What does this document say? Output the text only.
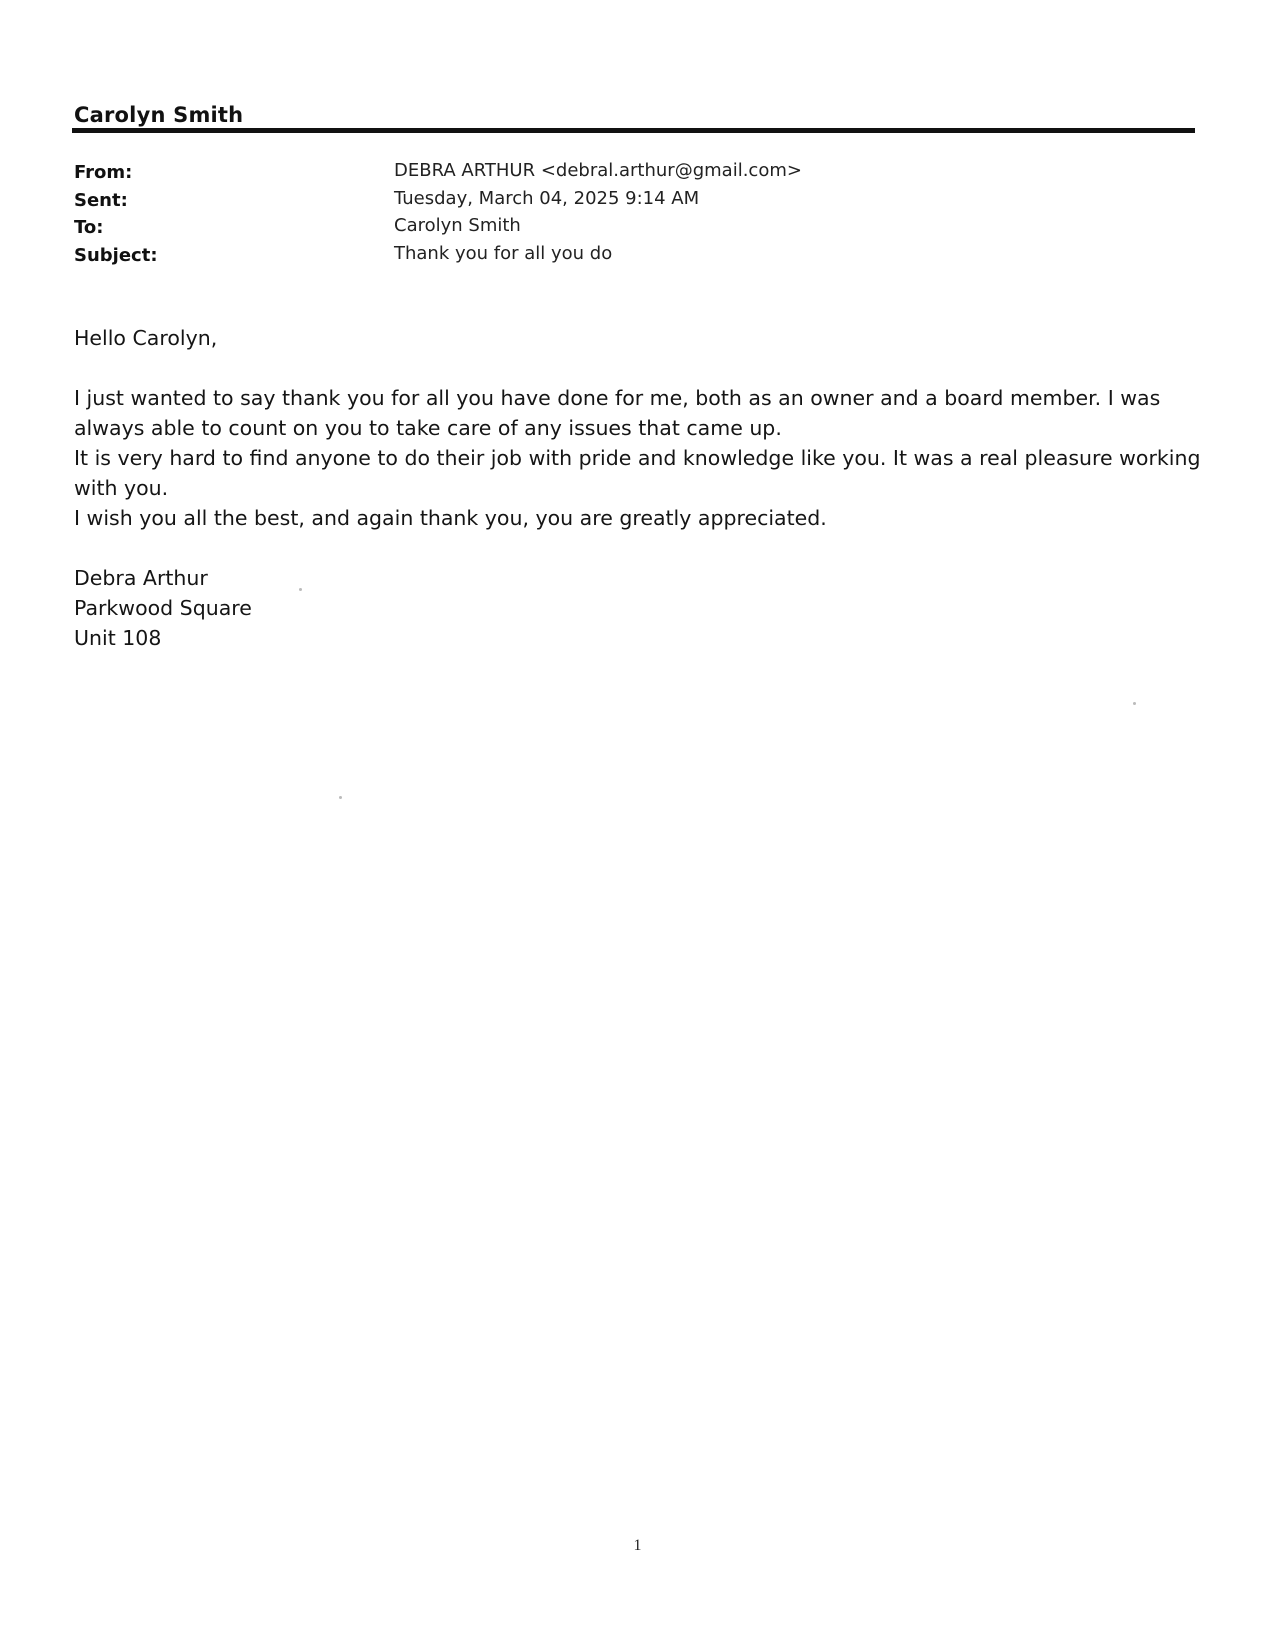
Carolyn Smith
From:	DEBRA ARTHUR <debral.arthur@gmail.com>
Sent:	Tuesday, March 04, 2025 9:14 AM
To:	Carolyn Smith
Subject:	Thank you for all you do

Hello Carolyn,

I just wanted to say thank you for all you have done for me, both as an owner and a board member. I was always able to count on you to take care of any issues that came up.

It is very hard to find anyone to do their job with pride and knowledge like you. It was a real pleasure working with you.

I wish you all the best, and again thank you, you are greatly appreciated.

Debra Arthur
Parkwood Square
Unit 108
1
